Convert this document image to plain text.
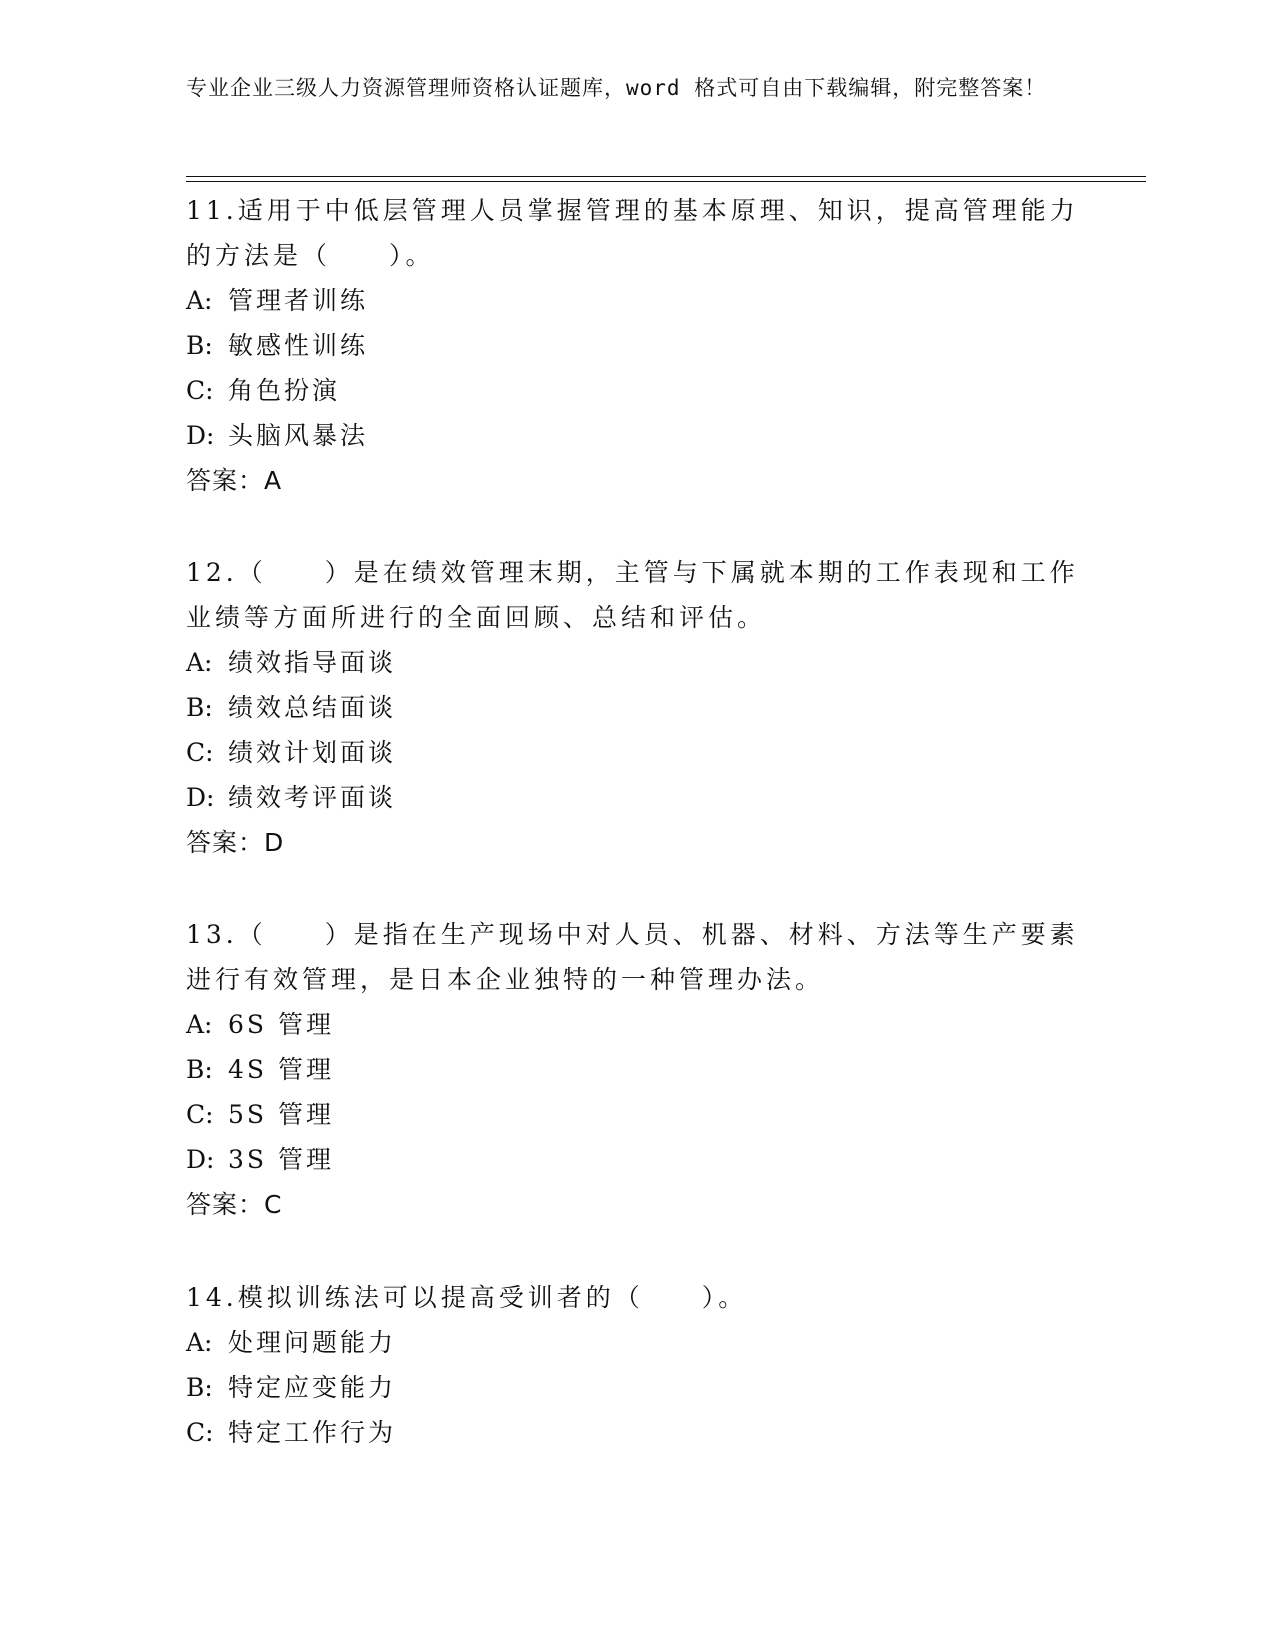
专业企业三级人力资源管理师资格认证题库，word 格式可自由下载编辑，附完整答案！
11.适用于中低层管理人员掌握管理的基本原理、知识，提高管理能力的方法是（　　）。
A: 管理者训练
B: 敏感性训练
C: 角色扮演
D: 头脑风暴法
答案：A
12.（　　）是在绩效管理末期，主管与下属就本期的工作表现和工作业绩等方面所进行的全面回顾、总结和评估。
A: 绩效指导面谈
B: 绩效总结面谈
C: 绩效计划面谈
D: 绩效考评面谈
答案：D
13.（　　）是指在生产现场中对人员、机器、材料、方法等生产要素进行有效管理，是日本企业独特的一种管理办法。
A: 6S 管理
B: 4S 管理
C: 5S 管理
D: 3S 管理
答案：C
14.模拟训练法可以提高受训者的（　　）。
A: 处理问题能力
B: 特定应变能力
C: 特定工作行为
